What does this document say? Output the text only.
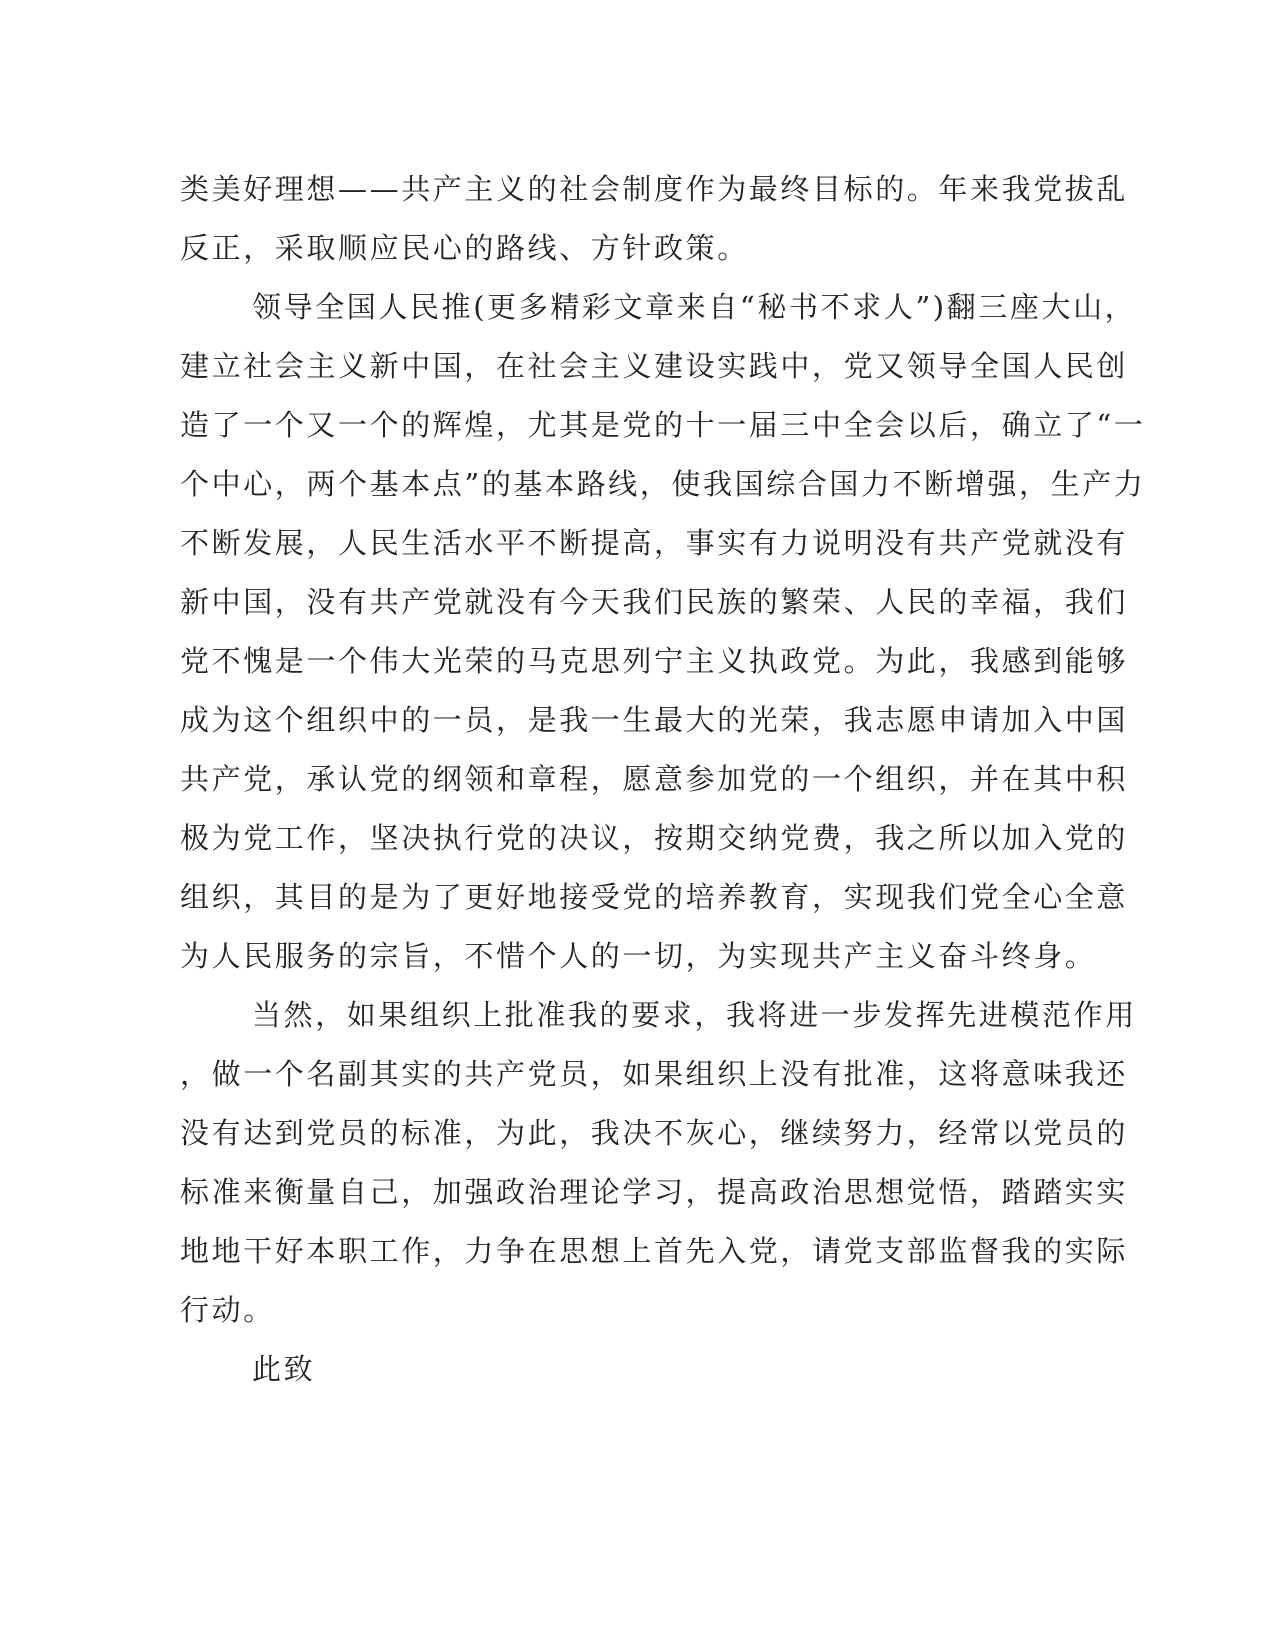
类美好理想——共产主义的社会制度作为最终目标的。年来我党拔乱
反正，采取顺应民心的路线、方针政策。
领导全国人民推(更多精彩文章来自“秘书不求人”)翻三座大山，
建立社会主义新中国，在社会主义建设实践中，党又领导全国人民创
造了一个又一个的辉煌，尤其是党的十一届三中全会以后，确立了“一
个中心，两个基本点”的基本路线，使我国综合国力不断增强，生产力
不断发展，人民生活水平不断提高，事实有力说明没有共产党就没有
新中国，没有共产党就没有今天我们民族的繁荣、人民的幸福，我们
党不愧是一个伟大光荣的马克思列宁主义执政党。为此，我感到能够
成为这个组织中的一员，是我一生最大的光荣，我志愿申请加入中国
共产党，承认党的纲领和章程，愿意参加党的一个组织，并在其中积
极为党工作，坚决执行党的决议，按期交纳党费，我之所以加入党的
组织，其目的是为了更好地接受党的培养教育，实现我们党全心全意
为人民服务的宗旨，不惜个人的一切，为实现共产主义奋斗终身。
当然，如果组织上批准我的要求，我将进一步发挥先进模范作用
，做一个名副其实的共产党员，如果组织上没有批准，这将意味我还
没有达到党员的标准，为此，我决不灰心，继续努力，经常以党员的
标准来衡量自己，加强政治理论学习，提高政治思想觉悟，踏踏实实
地地干好本职工作，力争在思想上首先入党，请党支部监督我的实际
行动。
此致
